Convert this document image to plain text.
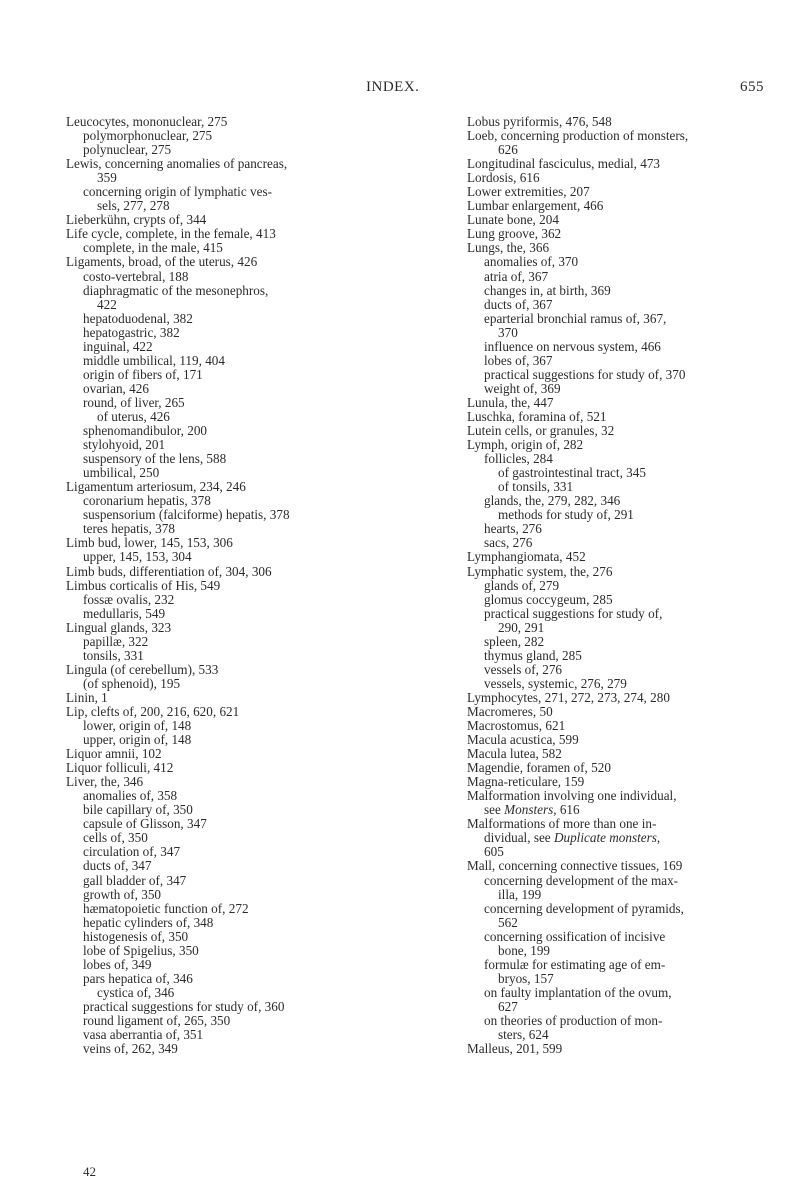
INDEX.	655
Leucocytes, mononuclear, 275
polymorphonuclear, 275
polynuclear, 275
Lewis, concerning anomalies of pancreas,
359
concerning origin of lymphatic ves-
sels, 277, 278
Lieberkühn, crypts of, 344
Life cycle, complete, in the female, 413
complete, in the male, 415
Ligaments, broad, of the uterus, 426
costo-vertebral, 188
diaphragmatic of the mesonephros,
422
hepatoduodenal, 382
hepatogastric, 382
inguinal, 422
middle umbilical, 119, 404
origin of fibers of, 171
ovarian, 426
round, of liver, 265
of uterus, 426
sphenomandibulor, 200
stylohyoid, 201
suspensory of the lens, 588
umbilical, 250
Ligamentum arteriosum, 234, 246
coronarium hepatis, 378
suspensorium (falciforme) hepatis, 378
teres hepatis, 378
Limb bud, lower, 145, 153, 306
upper, 145, 153, 304
Limb buds, differentiation of, 304, 306
Limbus corticalis of His, 549
fossæ ovalis, 232
medullaris, 549
Lingual glands, 323
papillæ, 322
tonsils, 331
Lingula (of cerebellum), 533
(of sphenoid), 195
Linin, 1
Lip, clefts of, 200, 216, 620, 621
lower, origin of, 148
upper, origin of, 148
Liquor amnii, 102
Liquor folliculi, 412
Liver, the, 346
anomalies of, 358
bile capillary of, 350
capsule of Glisson, 347
cells of, 350
circulation of, 347
ducts of, 347
gall bladder of, 347
growth of, 350
hæmatopoietic function of, 272
hepatic cylinders of, 348
histogenesis of, 350
lobe of Spigelius, 350
lobes of, 349
pars hepatica of, 346
cystica of, 346
practical suggestions for study of, 360
round ligament of, 265, 350
vasa aberrantia of, 351
veins of, 262, 349
Lobus pyriformis, 476, 548
Loeb, concerning production of monsters,
626
Longitudinal fasciculus, medial, 473
Lordosis, 616
Lower extremities, 207
Lumbar enlargement, 466
Lunate bone, 204
Lung groove, 362
Lungs, the, 366
anomalies of, 370
atria of, 367
changes in, at birth, 369
ducts of, 367
eparterial bronchial ramus of, 367,
370
influence on nervous system, 466
lobes of, 367
practical suggestions for study of, 370
weight of, 369
Lunula, the, 447
Luschka, foramina of, 521
Lutein cells, or granules, 32
Lymph, origin of, 282
follicles, 284
of gastrointestinal tract, 345
of tonsils, 331
glands, the, 279, 282, 346
methods for study of, 291
hearts, 276
sacs, 276
Lymphangiomata, 452
Lymphatic system, the, 276
glands of, 279
glomus coccygeum, 285
practical suggestions for study of,
290, 291
spleen, 282
thymus gland, 285
vessels of, 276
vessels, systemic, 276, 279
Lymphocytes, 271, 272, 273, 274, 280
Macromeres, 50
Macrostomus, 621
Macula acustica, 599
Macula lutea, 582
Magendie, foramen of, 520
Magna-reticulare, 159
Malformation involving one individual,
see Monsters, 616
Malformations of more than one in-
dividual, see Duplicate monsters,
605
Mall, concerning connective tissues, 169
concerning development of the max-
illa, 199
concerning development of pyramids,
562
concerning ossification of incisive
bone, 199
formulæ for estimating age of em-
bryos, 157
on faulty implantation of the ovum,
627
on theories of production of mon-
sters, 624
Malleus, 201, 599
42
